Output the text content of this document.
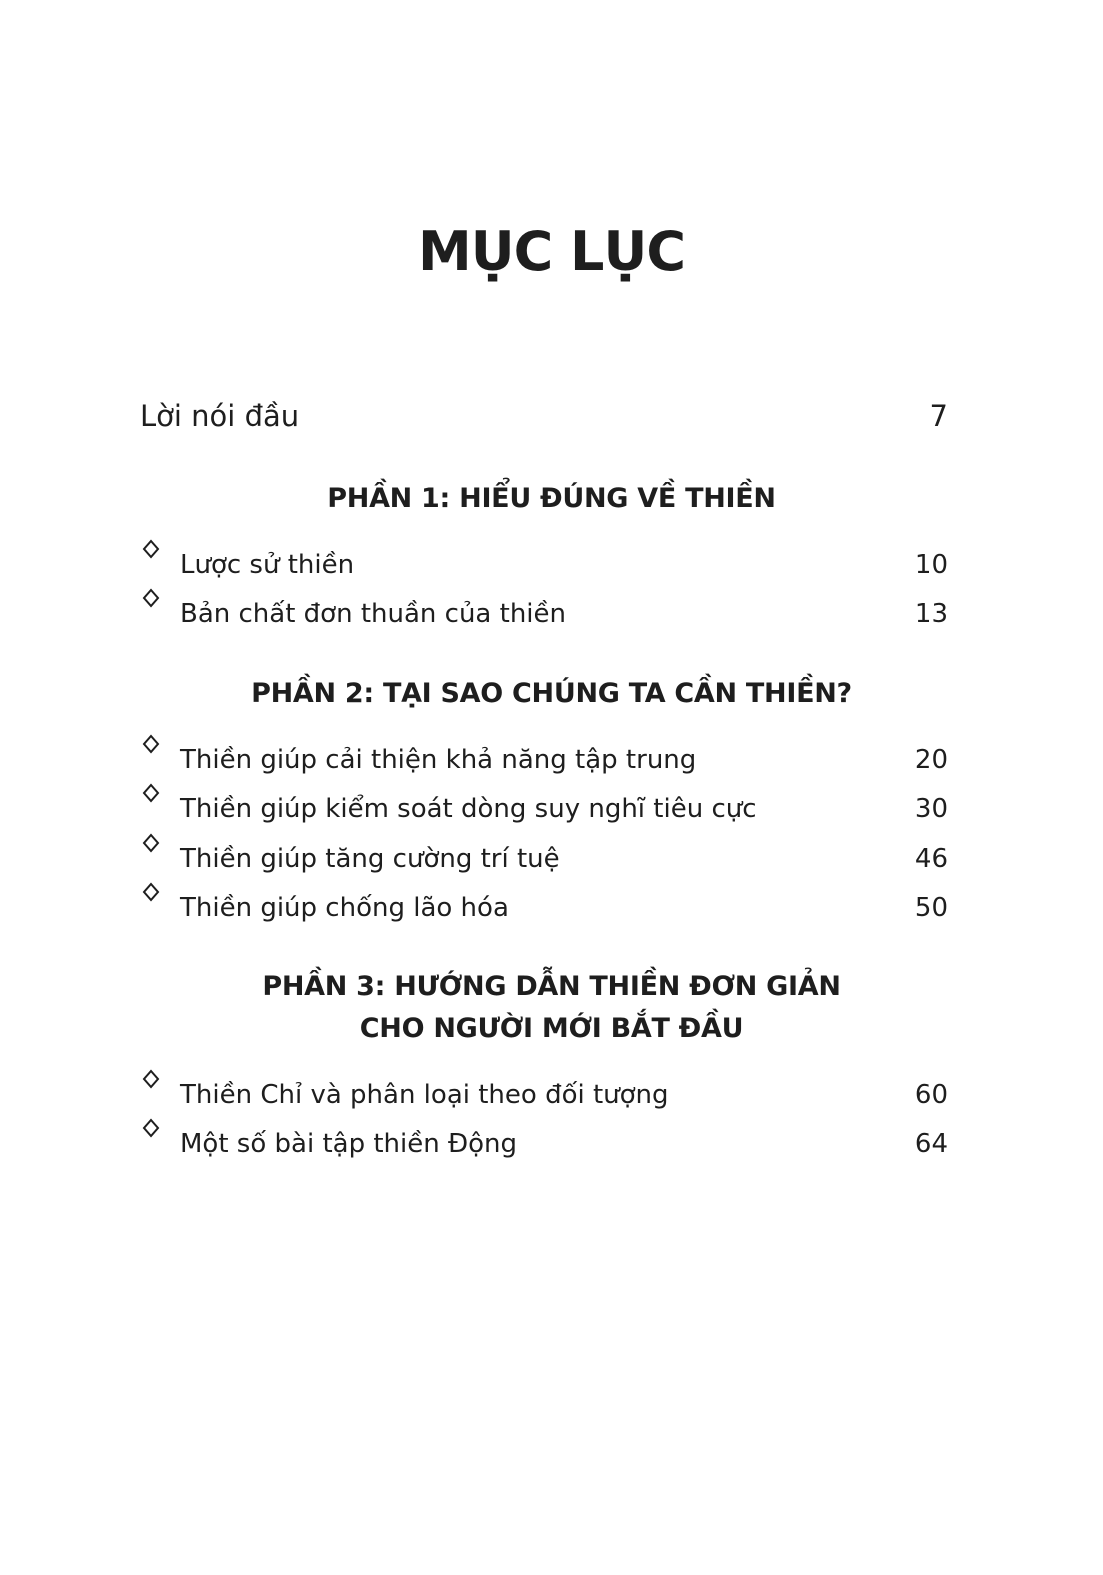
MỤC LỤC
Lời nói đầu	7
PHẦN 1: HIỂU ĐÚNG VỀ THIỀN
Lược sử thiền	10
Bản chất đơn thuần của thiền	13
PHẦN 2: TẠI SAO CHÚNG TA CẦN THIỀN?
Thiền giúp cải thiện khả năng tập trung	20
Thiền giúp kiểm soát dòng suy nghĩ tiêu cực	30
Thiền giúp tăng cường trí tuệ	46
Thiền giúp chống lão hóa	50
PHẦN 3: HƯỚNG DẪN THIỀN ĐƠN GIẢN
CHO NGƯỜI MỚI BẮT ĐẦU
Thiền Chỉ và phân loại theo đối tượng	60
Một số bài tập thiền Động	64
